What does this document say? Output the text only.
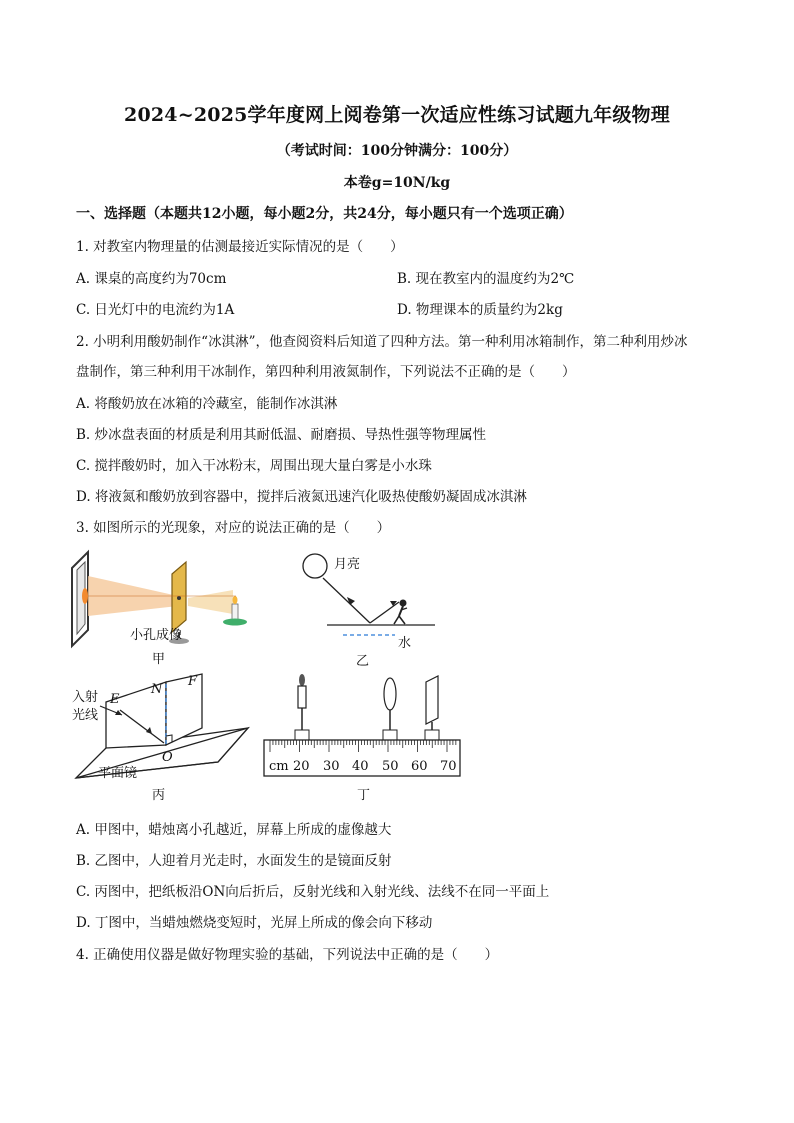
2024~2025学年度网上阅卷第一次适应性练习试题九年级物理
（考试时间：100分钟满分：100分）
本卷g=10N/kg
一、选择题（本题共12小题，每小题2分，共24分，每小题只有一个选项正确）
1. 对教室内物理量的估测最接近实际情况的是（　　）
A. 课桌的高度约为70cm	B. 现在教室内的温度约为2℃
C. 日光灯中的电流约为1A	D. 物理课本的质量约为2kg
2. 小明利用酸奶制作“冰淇淋”，他查阅资料后知道了四种方法。第一种利用冰箱制作，第二种利用炒冰
盘制作，第三种利用干冰制作，第四种利用液氮制作，下列说法不正确的是（　　）
A. 将酸奶放在冰箱的冷藏室，能制作冰淇淋
B. 炒冰盘表面的材质是利用其耐低温、耐磨损、导热性强等物理属性
C. 搅拌酸奶时，加入干冰粉末，周围出现大量白雾是小水珠
D. 将液氮和酸奶放到容器中，搅拌后液氮迅速汽化吸热使酸奶凝固成冰淇淋
3. 如图所示的光现象，对应的说法正确的是（　　）
小孔成像
甲
月亮
水
乙
入射
光线
E
N
F
O
平面镜
丙
cm 20 30 40 50 60 70
丁
A. 甲图中，蜡烛离小孔越近，屏幕上所成的虚像越大
B. 乙图中，人迎着月光走时，水面发生的是镜面反射
C. 丙图中，把纸板沿ON向后折后，反射光线和入射光线、法线不在同一平面上
D. 丁图中，当蜡烛燃烧变短时，光屏上所成的像会向下移动
4. 正确使用仪器是做好物理实验的基础，下列说法中正确的是（　　）
